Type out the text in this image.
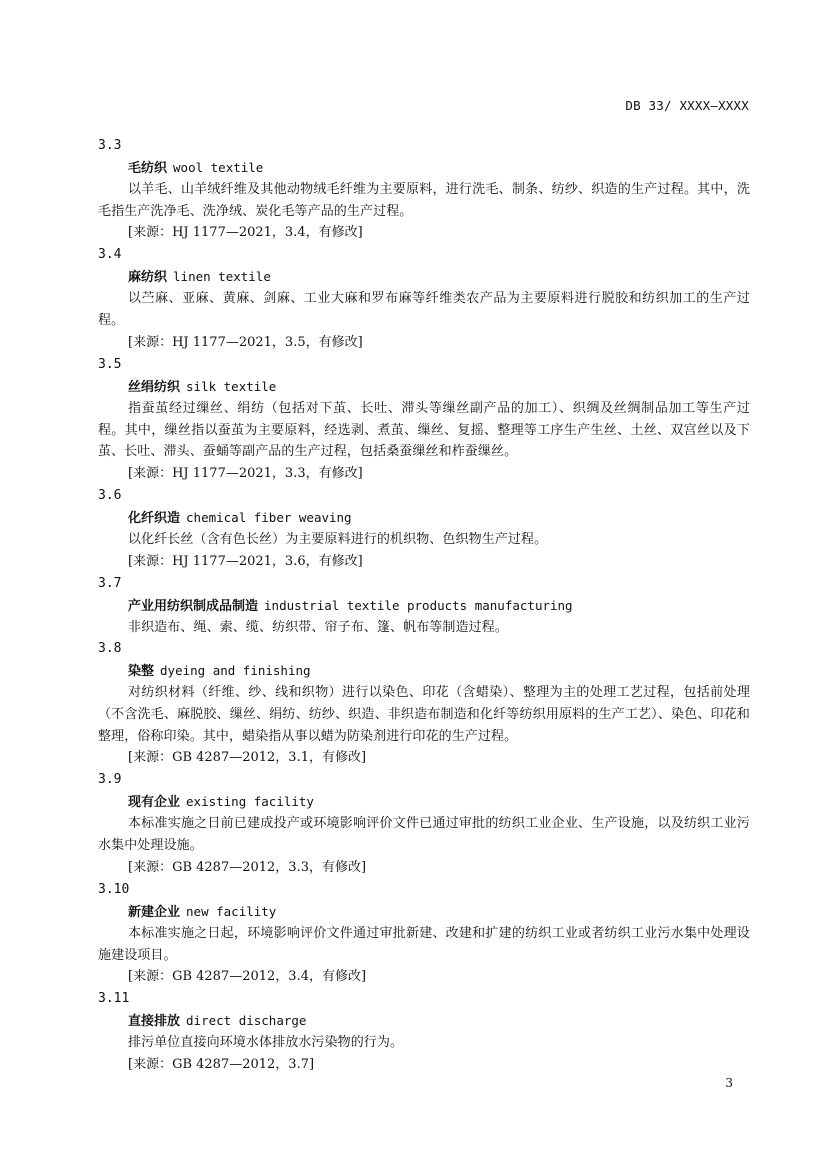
DB 33/ XXXX—XXXX
3.3
毛纺织 wool textile
以羊毛、山羊绒纤维及其他动物绒毛纤维为主要原料，进行洗毛、制条、纺纱、织造的生产过程。其中，洗毛指生产洗净毛、洗净绒、炭化毛等产品的生产过程。
[来源：HJ 1177—2021，3.4，有修改]
3.4
麻纺织 linen textile
以苎麻、亚麻、黄麻、剑麻、工业大麻和罗布麻等纤维类农产品为主要原料进行脱胶和纺织加工的生产过程。
[来源：HJ 1177—2021，3.5，有修改]
3.5
丝绢纺织 silk textile
指蚕茧经过缫丝、绢纺（包括对下茧、长吐、滞头等缫丝副产品的加工）、织绸及丝绸制品加工等生产过程。其中，缫丝指以蚕茧为主要原料，经选剥、煮茧、缫丝、复摇、整理等工序生产生丝、土丝、双宫丝以及下茧、长吐、滞头、蚕蛹等副产品的生产过程，包括桑蚕缫丝和柞蚕缫丝。
[来源：HJ 1177—2021，3.3，有修改]
3.6
化纤织造 chemical fiber weaving
以化纤长丝（含有色长丝）为主要原料进行的机织物、色织物生产过程。
[来源：HJ 1177—2021，3.6，有修改]
3.7
产业用纺织制成品制造 industrial textile products manufacturing
非织造布、绳、索、缆、纺织带、帘子布、篷、帆布等制造过程。
3.8
染整 dyeing and finishing
对纺织材料（纤维、纱、线和织物）进行以染色、印花（含蜡染）、整理为主的处理工艺过程，包括前处理（不含洗毛、麻脱胶、缫丝、绢纺、纺纱、织造、非织造布制造和化纤等纺织用原料的生产工艺）、染色、印花和整理，俗称印染。其中，蜡染指从事以蜡为防染剂进行印花的生产过程。
[来源：GB 4287—2012，3.1，有修改]
3.9
现有企业 existing facility
本标准实施之日前已建成投产或环境影响评价文件已通过审批的纺织工业企业、生产设施，以及纺织工业污水集中处理设施。
[来源：GB 4287—2012，3.3，有修改]
3.10
新建企业 new facility
本标准实施之日起，环境影响评价文件通过审批新建、改建和扩建的纺织工业或者纺织工业污水集中处理设施建设项目。
[来源：GB 4287—2012，3.4，有修改]
3.11
直接排放 direct discharge
排污单位直接向环境水体排放水污染物的行为。
[来源：GB 4287—2012，3.7]
3
